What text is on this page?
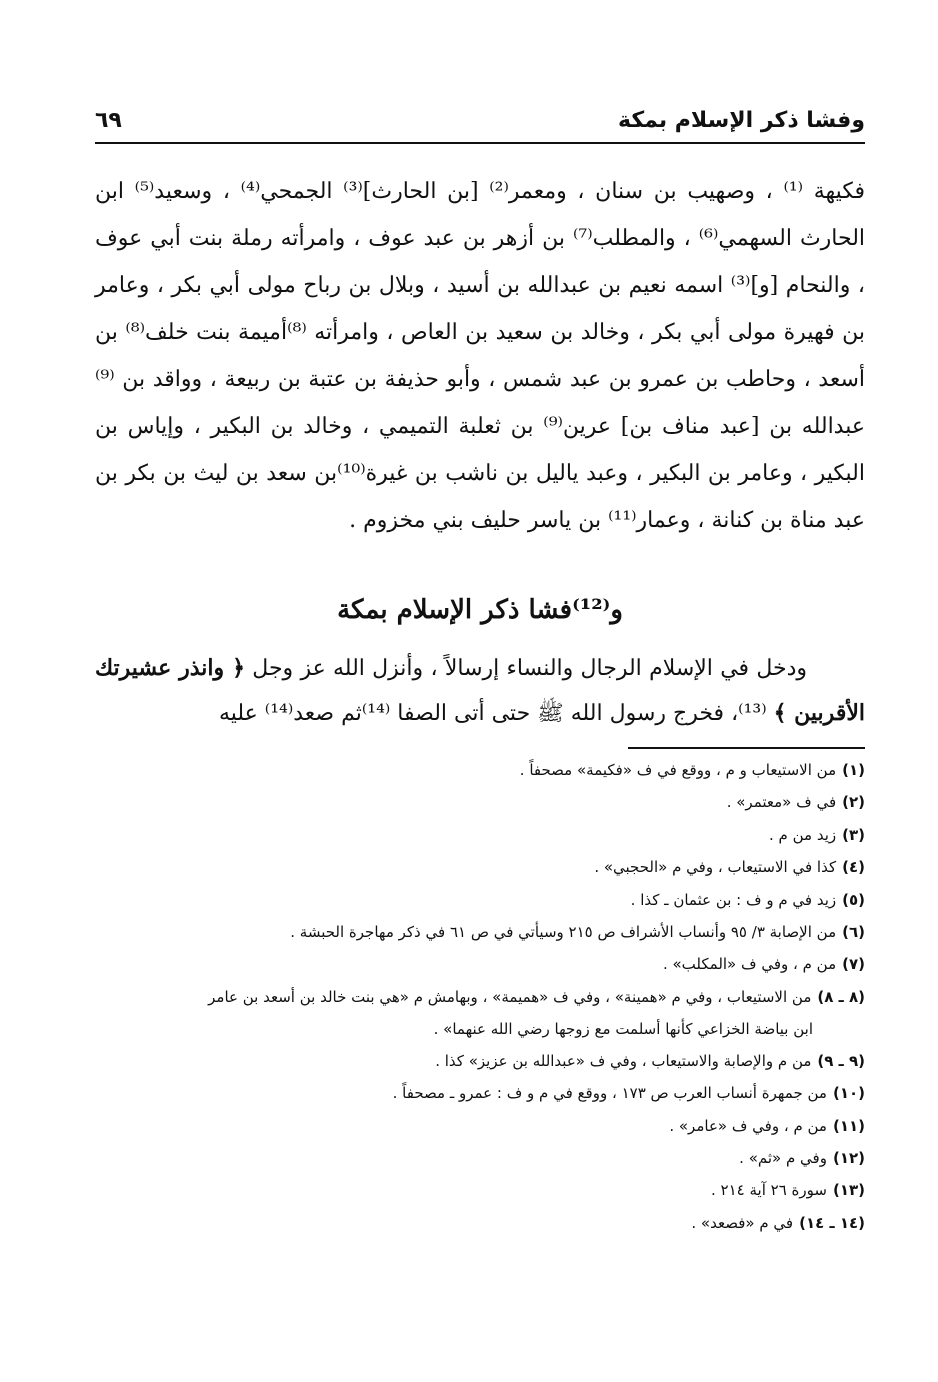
وفشا ذكر الإسلام بمكة
٦٩

فكيهة ⁽¹⁾ ، وصهيب بن سنان ، ومعمر⁽²⁾ [بن الحارث]⁽³⁾ الجمحي⁽⁴⁾ ، وسعيد⁽⁵⁾ ابن الحارث السهمي⁽⁶⁾ ، والمطلب⁽⁷⁾ بن أزهر بن عبد عوف ، وامرأته رملة بنت أبي عوف ، والنحام [و]⁽³⁾ اسمه نعيم بن عبدالله بن أسيد ، وبلال بن رباح مولى أبي بكر ، وعامر بن فهيرة مولى أبي بكر ، وخالد بن سعيد بن العاص ، وامرأته ⁽⁸⁾أميمة بنت خلف⁽⁸⁾ بن أسعد ، وحاطب بن عمرو بن عبد شمس ، وأبو حذيفة بن عتبة بن ربيعة ، وواقد بن ⁽⁹⁾عبدالله بن [عبد مناف بن] عرين⁽⁹⁾ بن ثعلبة التميمي ، وخالد بن البكير ، وإياس بن البكير ، وعامر بن البكير ، وعبد ياليل بن ناشب بن غيرة⁽¹⁰⁾بن سعد بن ليث بن بكر بن عبد مناة بن كنانة ، وعمار⁽¹¹⁾ بن ياسر حليف بني مخزوم .

و⁽¹²⁾فشا ذكر الإسلام بمكة

ودخل في الإسلام الرجال والنساء إرسالاً ، وأنزل الله عز وجل ﴿ وانذر عشيرتك الأقربين ﴾ ⁽¹³⁾، فخرج رسول الله ﷺ حتى أتى الصفا ⁽¹⁴⁾ثم صعد⁽¹⁴⁾ عليه

(١)من الاستيعاب و م ، ووقع في ف «فكيمة» مصحفاً .

(٢)في ف «معتمر» .

(٣)زيد من م .

(٤)كذا في الاستيعاب ، وفي م «الحجبي» .

(٥)زيد في م و ف : بن عثمان ـ كذا .

(٦)من الإصابة ٣/ ٩٥ وأنساب الأشراف ص ٢١٥ وسيأتي في ص ٦١ في ذكر مهاجرة الحبشة .

(٧)من م ، وفي ف «المكلب» .

(٨ ـ ٨)من الاستيعاب ، وفي م «همينة» ، وفي ف «هميمة» ، وبهامش م «هي بنت خالد بن أسعد بن عامر
ابن بياضة الخزاعي كأنها أسلمت مع زوجها رضي الله عنهما» .

(٩ ـ ٩)من م والإصابة والاستيعاب ، وفي ف «عبدالله بن عزيز» كذا .

(١٠)من جمهرة أنساب العرب ص ١٧٣ ، ووقع في م و ف : عمرو ـ مصحفاً .

(١١)من م ، وفي ف «عامر» .

(١٢)وفي م «ثم» .

(١٣)سورة ٢٦ آية ٢١٤ .

(١٤ ـ ١٤)في م «فصعد» .
